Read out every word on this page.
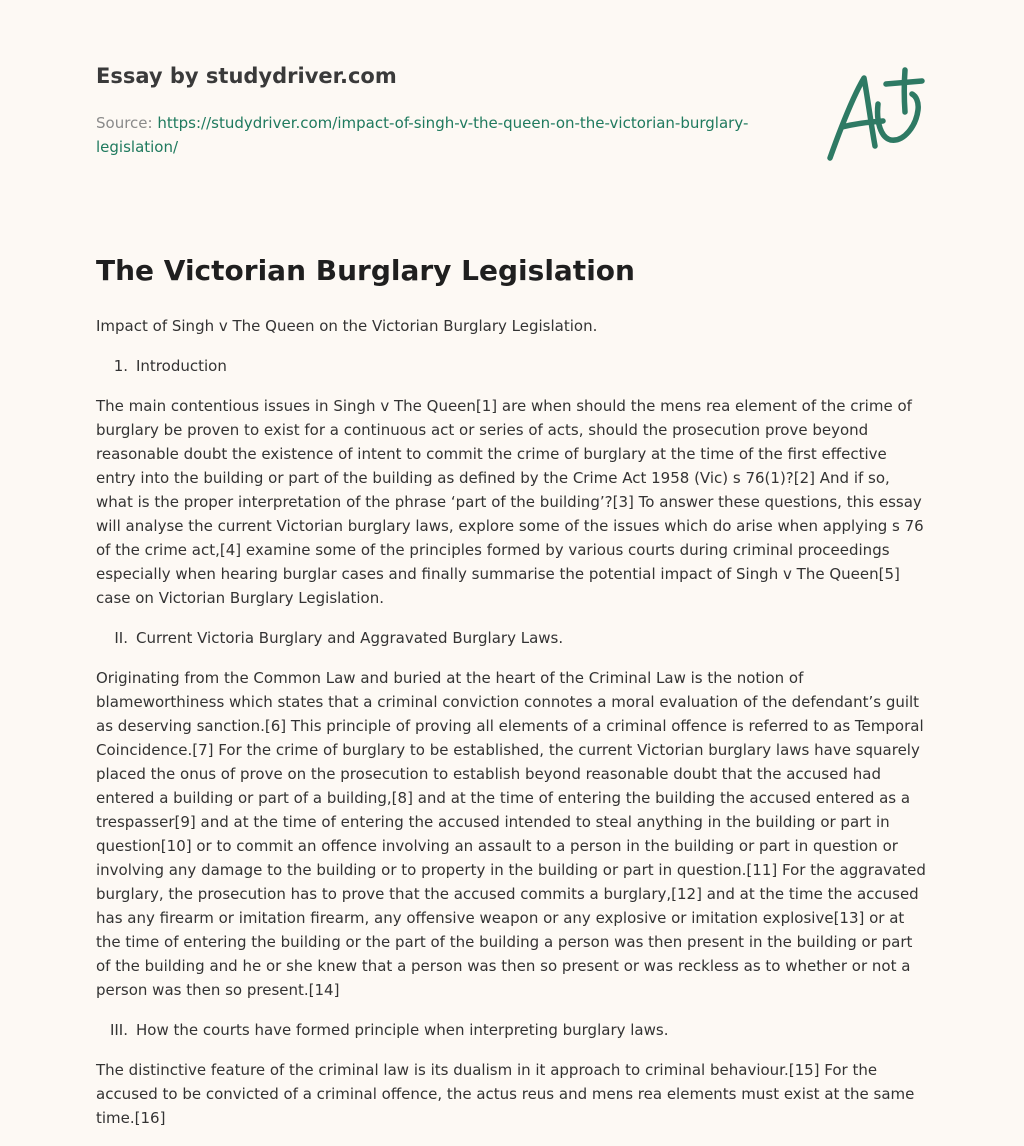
Essay by studydriver.com
Source: https://studydriver.com/impact-of-singh-v-the-queen-on-the-victorian-burglary-legislation/
The Victorian Burglary Legislation

Impact of Singh v The Queen on the Victorian Burglary Legislation.

1. Introduction

The main contentious issues in Singh v The Queen[1] are when should the mens rea element of the crime of burglary be proven to exist for a continuous act or series of acts, should the prosecution prove beyond reasonable doubt the existence of intent to commit the crime of burglary at the time of the first effective entry into the building or part of the building as defined by the Crime Act 1958 (Vic) s 76(1)?[2] And if so, what is the proper interpretation of the phrase ‘part of the building’?[3] To answer these questions, this essay will analyse the current Victorian burglary laws, explore some of the issues which do arise when applying s 76 of the crime act,[4] examine some of the principles formed by various courts during criminal proceedings especially when hearing burglar cases and finally summarise the potential impact of Singh v The Queen[5] case on Victorian Burglary Legislation.

II. Current Victoria Burglary and Aggravated Burglary Laws.

Originating from the Common Law and buried at the heart of the Criminal Law is the notion of blameworthiness which states that a criminal conviction connotes a moral evaluation of the defendant’s guilt as deserving sanction.[6] This principle of proving all elements of a criminal offence is referred to as Temporal Coincidence.[7] For the crime of burglary to be established, the current Victorian burglary laws have squarely placed the onus of prove on the prosecution to establish beyond reasonable doubt that the accused had entered a building or part of a building,[8] and at the time of entering the building the accused entered as a trespasser[9] and at the time of entering the accused intended to steal anything in the building or part in question[10] or to commit an offence involving an assault to a person in the building or part in question or involving any damage to the building or to property in the building or part in question.[11] For the aggravated burglary, the prosecution has to prove that the accused commits a burglary,[12] and at the time the accused has any firearm or imitation firearm, any offensive weapon or any explosive or imitation explosive[13] or at the time of entering the building or the part of the building a person was then present in the building or part of the building and he or she knew that a person was then so present or was reckless as to whether or not a person was then so present.[14]

III. How the courts have formed principle when interpreting burglary laws.

The distinctive feature of the criminal law is its dualism in it approach to criminal behaviour.[15] For the accused to be convicted of a criminal offence, the actus reus and mens rea elements must exist at the same time.[16]
